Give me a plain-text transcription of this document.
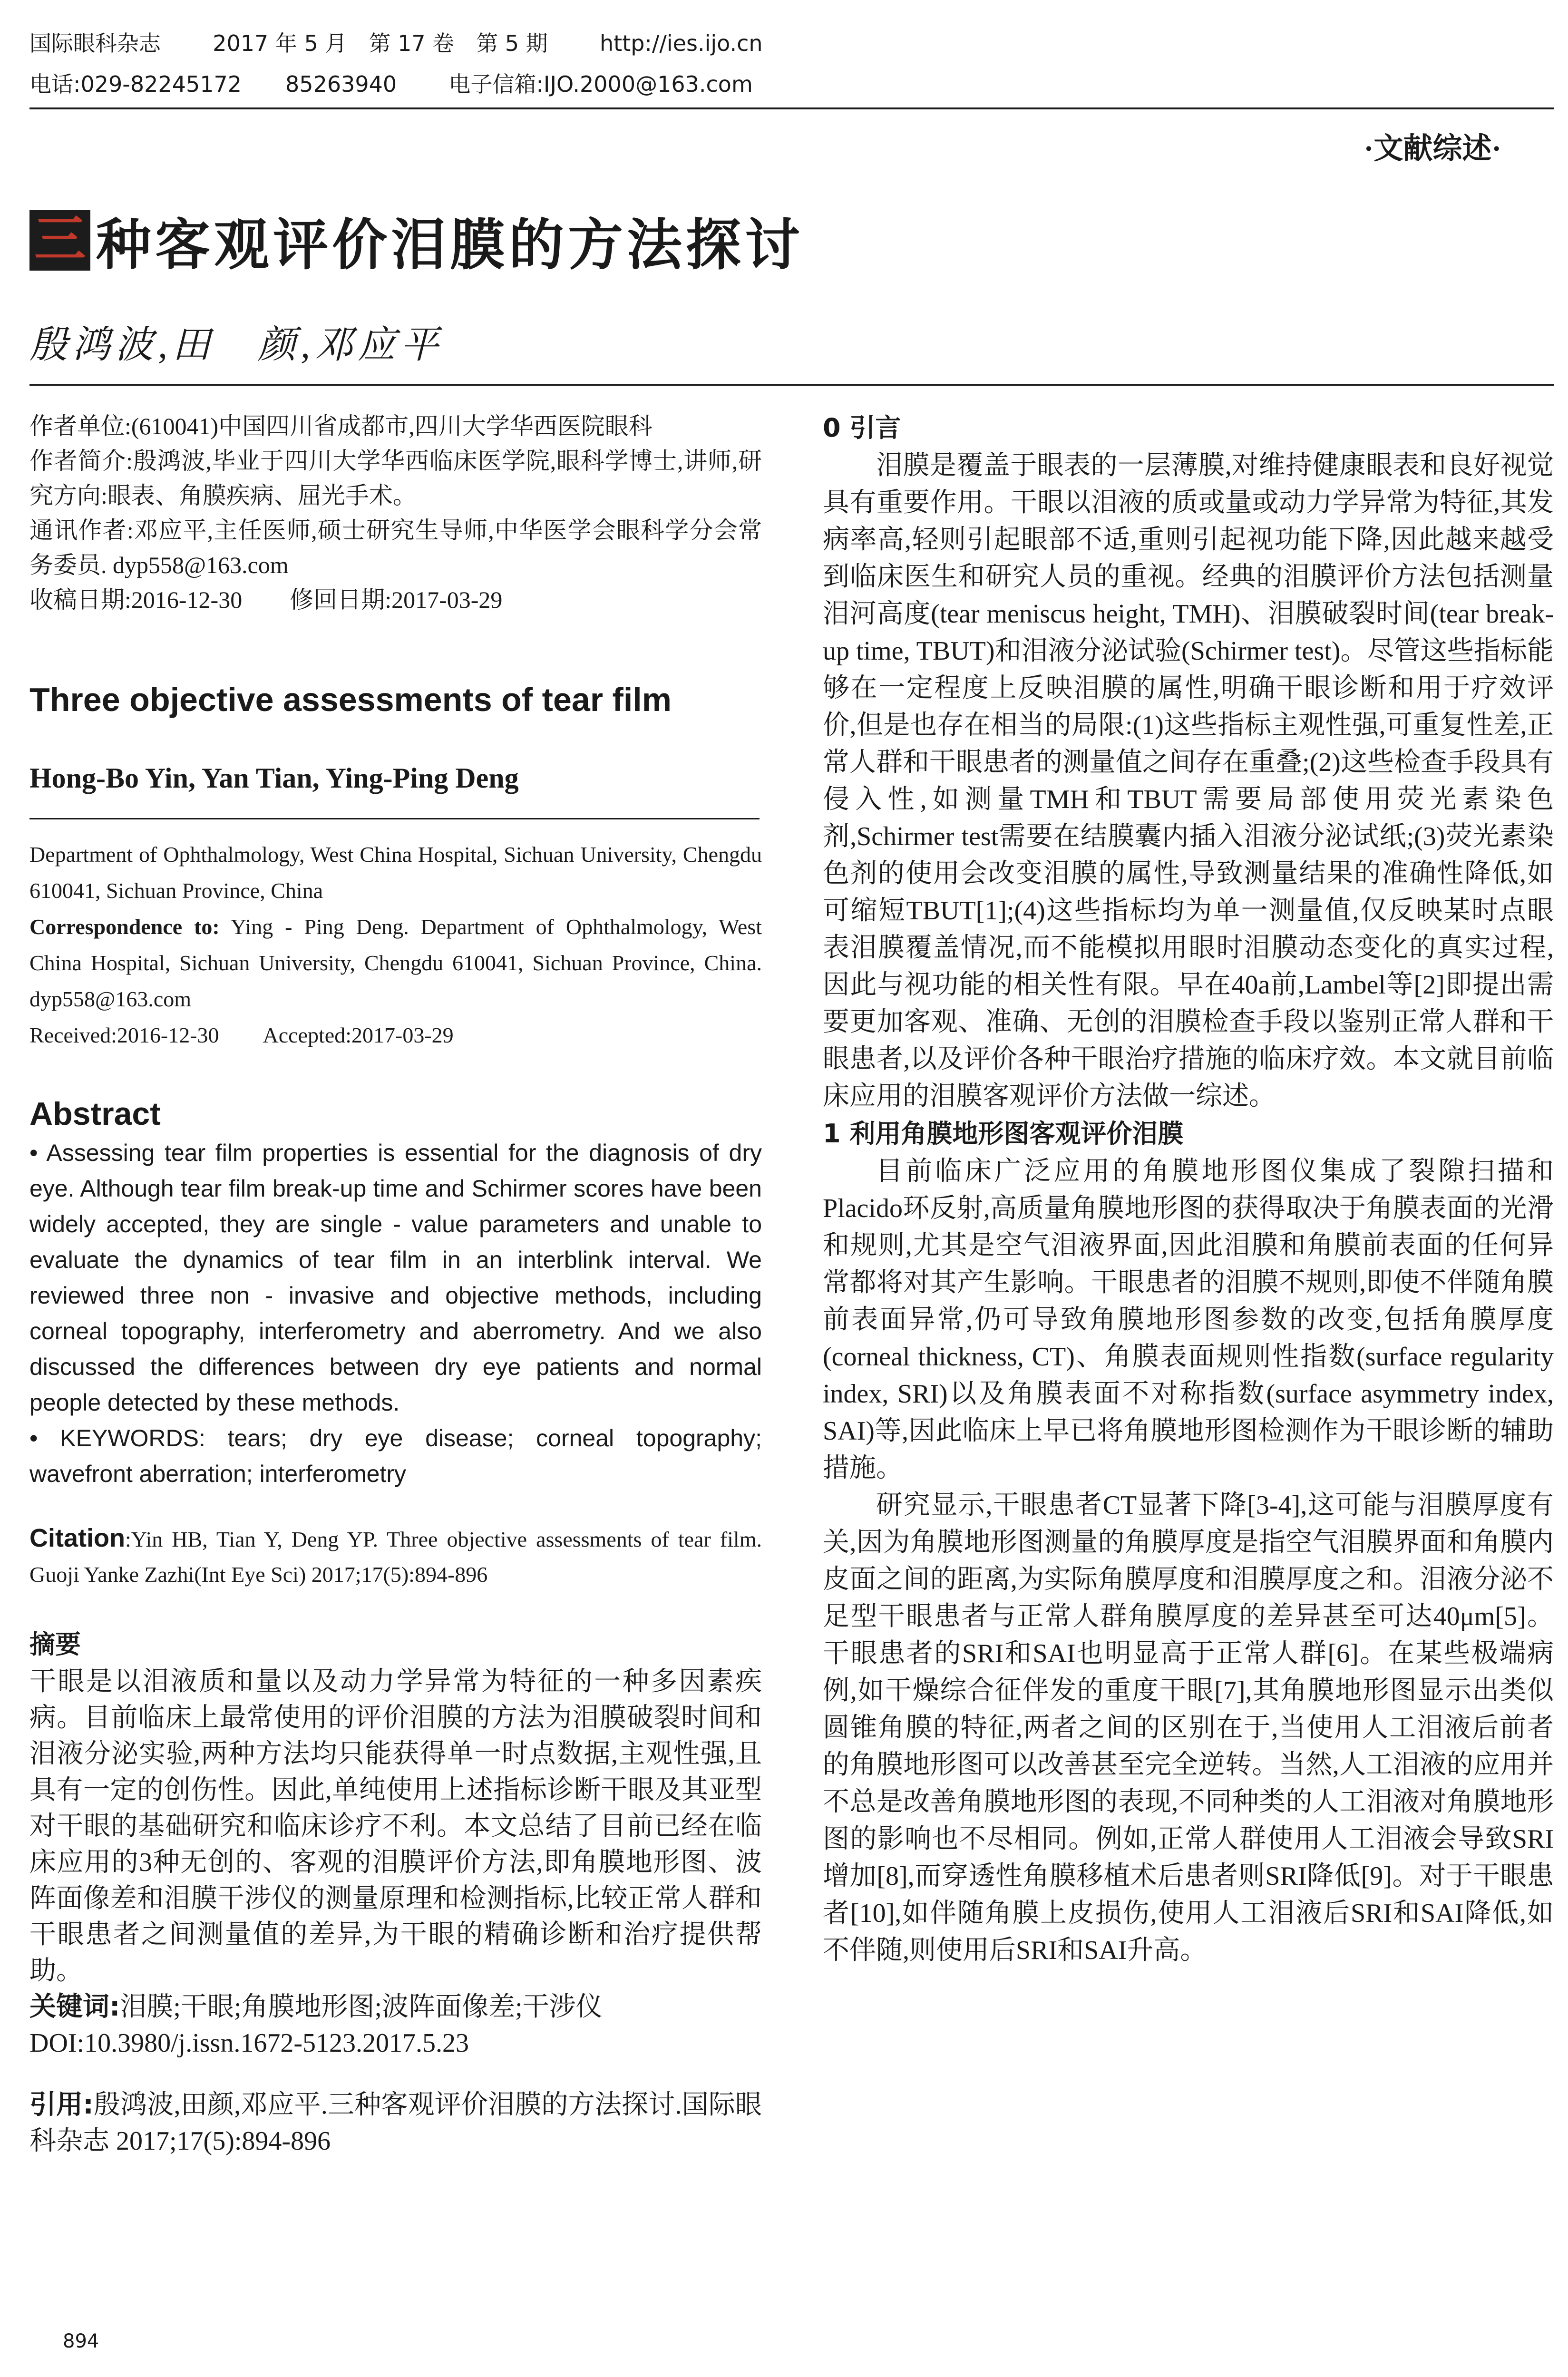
国际眼科杂志 2017 年 5 月　第 17 卷　第 5 期 http://ies.ijo.cn
电话:029-82245172　　85263940 电子信箱:IJO.2000@163.com
·文献综述·
三 种客观评价泪膜的方法探讨
殷鸿波,田　颜,邓应平

作者单位:(610041)中国四川省成都市,四川大学华西医院眼科

作者简介:殷鸿波,毕业于四川大学华西临床医学院,眼科学博士,讲师,研究方向:眼表、角膜疾病、屈光手术。

通讯作者:邓应平,主任医师,硕士研究生导师,中华医学会眼科学分会常务委员. dyp558@163.com

收稿日期:2016-12-30　　修回日期:2017-03-29

Three objective assessments of tear film
Hong-Bo Yin, Yan Tian, Ying-Ping Deng

Department of Ophthalmology, West China Hospital, Sichuan University, Chengdu 610041, Sichuan Province, China

Correspondence to: Ying - Ping Deng. Department of Ophthalmology, West China Hospital, Sichuan University, Chengdu 610041, Sichuan Province, China. dyp558@163.com

Received:2016-12-30　　Accepted:2017-03-29
Abstract

• Assessing tear film properties is essential for the diagnosis of dry eye. Although tear film break-up time and Schirmer scores have been widely accepted, they are single - value parameters and unable to evaluate the dynamics of tear film in an interblink interval. We reviewed three non - invasive and objective methods, including corneal topography, interferometry and aberrometry. And we also discussed the differences between dry eye patients and normal people detected by these methods.

• KEYWORDS: tears; dry eye disease; corneal topography; wavefront aberration; interferometry

Citation:Yin HB, Tian Y, Deng YP. Three objective assessments of tear film. Guoji Yanke Zazhi(Int Eye Sci) 2017;17(5):894-896

摘要

干眼是以泪液质和量以及动力学异常为特征的一种多因素疾病。目前临床上最常使用的评价泪膜的方法为泪膜破裂时间和泪液分泌实验,两种方法均只能获得单一时点数据,主观性强,且具有一定的创伤性。因此,单纯使用上述指标诊断干眼及其亚型对干眼的基础研究和临床诊疗不利。本文总结了目前已经在临床应用的3种无创的、客观的泪膜评价方法,即角膜地形图、波阵面像差和泪膜干涉仪的测量原理和检测指标,比较正常人群和干眼患者之间测量值的差异,为干眼的精确诊断和治疗提供帮助。

关键词:泪膜;干眼;角膜地形图;波阵面像差;干涉仪

DOI:10.3980/j.issn.1672-5123.2017.5.23

引用:殷鸿波,田颜,邓应平.三种客观评价泪膜的方法探讨.国际眼科杂志 2017;17(5):894-896

0 引言

泪膜是覆盖于眼表的一层薄膜,对维持健康眼表和良好视觉具有重要作用。干眼以泪液的质或量或动力学异常为特征,其发病率高,轻则引起眼部不适,重则引起视功能下降,因此越来越受到临床医生和研究人员的重视。经典的泪膜评价方法包括测量泪河高度(tear meniscus height, TMH)、泪膜破裂时间(tear break-up time, TBUT)和泪液分泌试验(Schirmer test)。尽管这些指标能够在一定程度上反映泪膜的属性,明确干眼诊断和用于疗效评价,但是也存在相当的局限:(1)这些指标主观性强,可重复性差,正常人群和干眼患者的测量值之间存在重叠;(2)这些检查手段具有侵入性,如测量TMH和TBUT需要局部使用荧光素染色剂,Schirmer test需要在结膜囊内插入泪液分泌试纸;(3)荧光素染色剂的使用会改变泪膜的属性,导致测量结果的准确性降低,如可缩短TBUT[1];(4)这些指标均为单一测量值,仅反映某时点眼表泪膜覆盖情况,而不能模拟用眼时泪膜动态变化的真实过程,因此与视功能的相关性有限。早在40a前,Lambel等[2]即提出需要更加客观、准确、无创的泪膜检查手段以鉴别正常人群和干眼患者,以及评价各种干眼治疗措施的临床疗效。本文就目前临床应用的泪膜客观评价方法做一综述。

1 利用角膜地形图客观评价泪膜

目前临床广泛应用的角膜地形图仪集成了裂隙扫描和Placido环反射,高质量角膜地形图的获得取决于角膜表面的光滑和规则,尤其是空气泪液界面,因此泪膜和角膜前表面的任何异常都将对其产生影响。干眼患者的泪膜不规则,即使不伴随角膜前表面异常,仍可导致角膜地形图参数的改变,包括角膜厚度(corneal thickness, CT)、角膜表面规则性指数(surface regularity index, SRI)以及角膜表面不对称指数(surface asymmetry index, SAI)等,因此临床上早已将角膜地形图检测作为干眼诊断的辅助措施。

研究显示,干眼患者CT显著下降[3-4],这可能与泪膜厚度有关,因为角膜地形图测量的角膜厚度是指空气泪膜界面和角膜内皮面之间的距离,为实际角膜厚度和泪膜厚度之和。泪液分泌不足型干眼患者与正常人群角膜厚度的差异甚至可达40μm[5]。干眼患者的SRI和SAI也明显高于正常人群[6]。在某些极端病例,如干燥综合征伴发的重度干眼[7],其角膜地形图显示出类似圆锥角膜的特征,两者之间的区别在于,当使用人工泪液后前者的角膜地形图可以改善甚至完全逆转。当然,人工泪液的应用并不总是改善角膜地形图的表现,不同种类的人工泪液对角膜地形图的影响也不尽相同。例如,正常人群使用人工泪液会导致SRI增加[8],而穿透性角膜移植术后患者则SRI降低[9]。对于干眼患者[10],如伴随角膜上皮损伤,使用人工泪液后SRI和SAI降低,如不伴随,则使用后SRI和SAI升高。

894
